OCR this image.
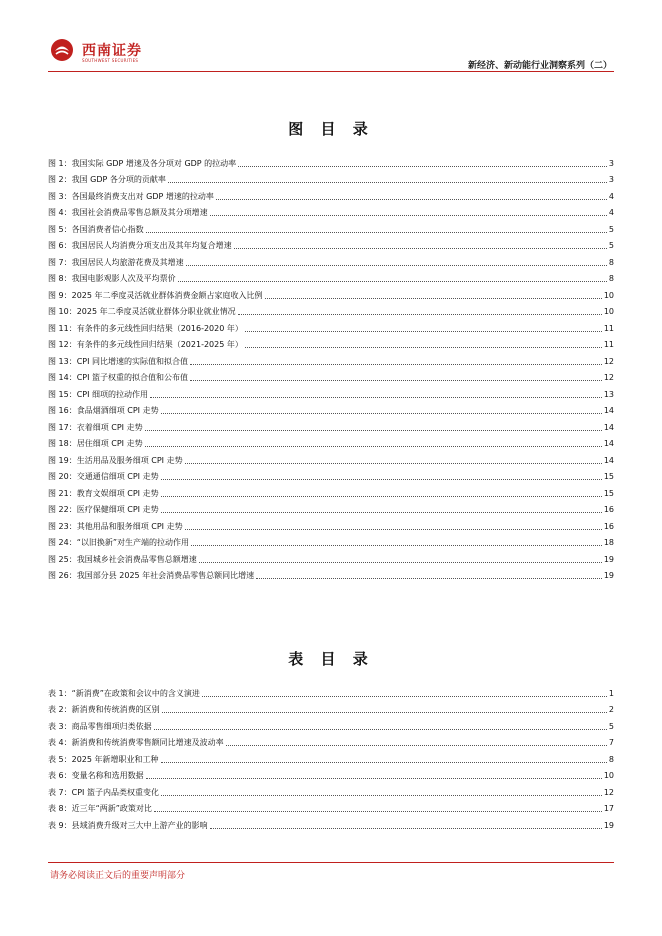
西南证券
SOUTHWEST SECURITIES
新经济、新动能行业洞察系列（二）
图 目 录
图 1：我国实际 GDP 增速及各分项对 GDP 的拉动率	3
图 2：我国 GDP 各分项的贡献率	3
图 3：各国最终消费支出对 GDP 增速的拉动率	4
图 4：我国社会消费品零售总额及其分项增速	4
图 5：各国消费者信心指数	5
图 6：我国居民人均消费分项支出及其年均复合增速	5
图 7：我国居民人均旅游花费及其增速	8
图 8：我国电影观影人次及平均票价	8
图 9：2025 年二季度灵活就业群体消费金额占家庭收入比例	10
图 10：2025 年二季度灵活就业群体分职业就业情况	10
图 11：有条件的多元线性回归结果（2016-2020 年）	11
图 12：有条件的多元线性回归结果（2021-2025 年）	11
图 13：CPI 同比增速的实际值和拟合值	12
图 14：CPI 篮子权重的拟合值和公布值	12
图 15：CPI 细项的拉动作用	13
图 16：食品烟酒细项 CPI 走势	14
图 17：衣着细项 CPI 走势	14
图 18：居住细项 CPI 走势	14
图 19：生活用品及服务细项 CPI 走势	14
图 20：交通通信细项 CPI 走势	15
图 21：教育文娱细项 CPI 走势	15
图 22：医疗保健细项 CPI 走势	16
图 23：其他用品和服务细项 CPI 走势	16
图 24：“以旧换新”对生产端的拉动作用	18
图 25：我国城乡社会消费品零售总额增速	19
图 26：我国部分县 2025 年社会消费品零售总额同比增速	19
表 目 录
表 1：“新消费”在政策和会议中的含义演进	1
表 2：新消费和传统消费的区别	2
表 3：商品零售细项归类依据	5
表 4：新消费和传统消费零售额同比增速及波动率	7
表 5：2025 年新增职业和工种	8
表 6：变量名称和选用数据	10
表 7：CPI 篮子内品类权重变化	12
表 8：近三年“两新”政策对比	17
表 9：县域消费升级对三大中上游产业的影响	19
请务必阅读正文后的重要声明部分
